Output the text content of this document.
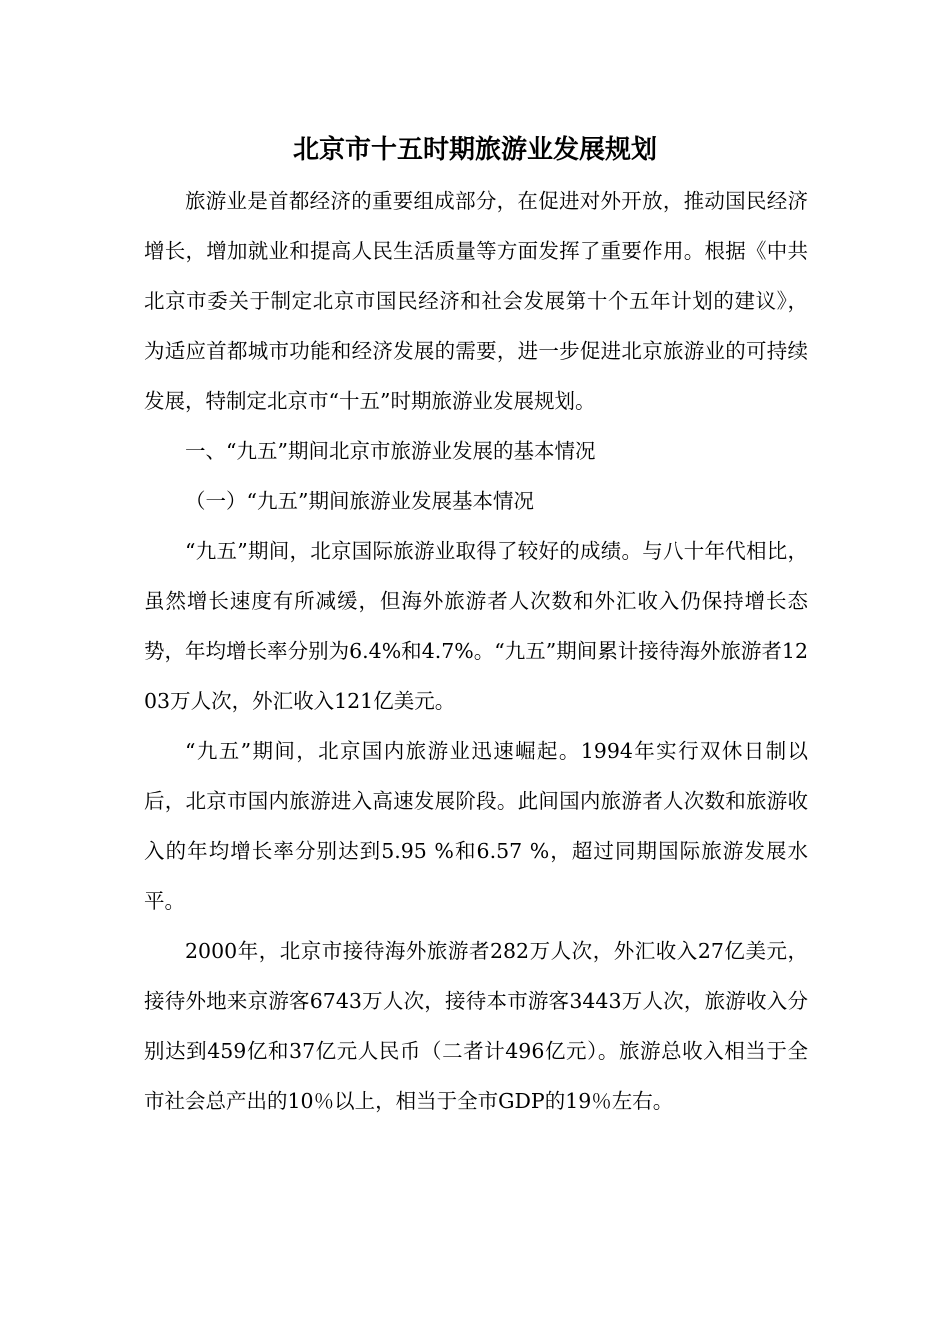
北京市十五时期旅游业发展规划

旅游业是首都经济的重要组成部分，在促进对外开放，推动国民经济增长，增加就业和提高人民生活质量等方面发挥了重要作用。根据《中共北京市委关于制定北京市国民经济和社会发展第十个五年计划的建议》，为适应首都城市功能和经济发展的需要，进一步促进北京旅游业的可持续发展，特制定北京市“十五”时期旅游业发展规划。

一、“九五”期间北京市旅游业发展的基本情况

（一）“九五”期间旅游业发展基本情况

“九五”期间，北京国际旅游业取得了较好的成绩。与八十年代相比，虽然增长速度有所减缓，但海外旅游者人次数和外汇收入仍保持增长态势，年均增长率分别为6.4%和4.7%。“九五”期间累计接待海外旅游者1203万人次，外汇收入121亿美元。

“九五”期间，北京国内旅游业迅速崛起。1994年实行双休日制以后，北京市国内旅游进入高速发展阶段。此间国内旅游者人次数和旅游收入的年均增长率分别达到5.95 %和6.57 %，超过同期国际旅游发展水平。

2000年，北京市接待海外旅游者282万人次，外汇收入27亿美元，接待外地来京游客6743万人次，接待本市游客3443万人次，旅游收入分别达到459亿和37亿元人民币（二者计496亿元）。旅游总收入相当于全市社会总产出的10％以上，相当于全市GDP的19％左右。
